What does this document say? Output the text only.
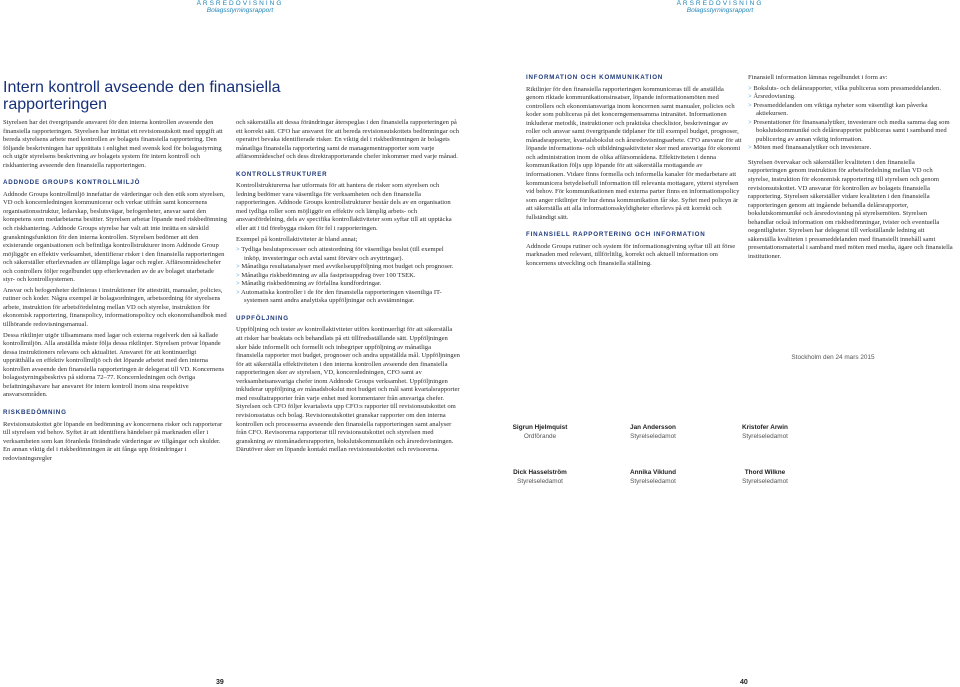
ÅRSREDOVISNING
Bolagsstyrningsrapport
Intern kontroll avseende den finansiella rapporteringen

Styrelsen har det övergripande ansvaret för den interna kontrollen avseende den finansiella rapporteringen. Styrelsen har inrättat ett revisionsutskott med uppgift att bereda styrelsens arbete med kontrollen av bolagets finansiella rapportering. Den följande beskrivningen har upprättats i enlighet med svensk kod för bolagsstyrning och utgör styrelsens beskrivning av bolagets system för intern kontroll och riskhantering avseende den finansiella rapporteringen.

ADDNODE GROUPS KONTROLLMILJÖ

Addnode Groups kontrollmiljö innefattar de värderingar och den etik som styrelsen, VD och koncernledningen kommunicerar och verkar utifrån samt koncernens organisationsstruktur, ledarskap, beslutsvägar, befogenheter, ansvar samt den kompetens som medarbetarna besitter. Styrelsen arbetar löpande med riskbedömning och riskhantering. Addnode Groups styrelse har valt att inte inrätta en särskild granskningsfunktion för den interna kontrollen. Styrelsen bedömer att den existerande organisationen och befintliga kontrollstrukturer inom Addnode Group möjliggör en effektiv verksamhet, identifierar risker i den finansiella rapporteringen och säkerställer efterlevnaden av tillämpliga lagar och regler. Affärsområdeschefer och controllers följer regelbundet upp efterlevnaden av de av bolaget utarbetade styr- och kontrollsystemen.

Ansvar och befogenheter definieras i instruktioner för attesträtt, manualer, policies, rutiner och koder. Några exempel är bolagsordningen, arbetsordning för styrelsens arbete, instruktion för arbetsfördelning mellan VD och styrelse, instruktion för ekonomisk rapportering, finanspolicy, informationspolicy och ekonomihandbok med tillhörande redovisningsmanual.

Dessa riktlinjer utgör tillsammans med lagar och externa regelverk den så kallade kontrollmiljön. Alla anställda måste följa dessa riktlinjer. Styrelsen prövar löpande dessa instruktioners relevans och aktualitet. Ansvaret för att kontinuerligt upprätthålla en effektiv kontrollmiljö och det löpande arbetet med den interna kontrollen avseende den finansiella rapporteringen är delegerat till VD. Koncernens bolagsstyrningsbeskrivs på sidorna 72–77. Koncernledningen och övriga befattningshavare har ansvaret för intern kontroll inom sina respektive ansvarsområden.

RISKBEDÖMNING

Revisionsutskottet gör löpande en bedömning av koncernens risker och rapporterar till styrelsen vid behov. Syftet är att identifiera händelser på marknaden eller i verksamheten som kan föranleda förändrade värderingar av tillgångar och skulder. En annan viktig del i riskbedömningen är att fånga upp förändringar i redovisningsregler

och säkerställa att dessa förändringar återspeglas i den finansiella rapporteringen på ett korrekt sätt. CFO har ansvaret för att bereda revisionsutskottets bedömningar och operativt bevaka identifierade risker. En viktig del i riskbedömningen är bolagets månatliga finansiella rapportering samt de managementrapporter som varje affärsområdeschef och dess direktrapporterande chefer inkommer med varje månad.

KONTROLLSTRUKTURER

Kontrollstrukturerna har utformats för att hantera de risker som styrelsen och ledning bedömer vara väsentliga för verksamheten och den finansiella rapporteringen. Addnode Groups kontrollstrukturer består dels av en organisation med tydliga roller som möjliggör en effektiv och lämplig arbets- och ansvarsfördelning, dels av specifika kontrollaktiviteter som syftar till att upptäcka eller att i tid förebygga risken för fel i rapporteringen.

Exempel på kontrollaktiviteter är bland annat;

> Tydliga beslutsprocesser och attestordning för väsentliga beslut (till exempel inköp, investeringar och avtal samt förvärv och avyttringar).
> Månatliga resultatanalyser med avvikelseuppföljning mot budget och prognoser.
> Månatliga riskbedömning av alla fastprisuppdrag över 100 TSEK.
> Månatlig riskbedömning av förfallna kundfordringar.
> Automatiska kontroller i de för den finansiella rapporteringen väsentliga IT-systemen samt andra analytiska uppföljningar och avstämningar.
UPPFÖLJNING

Uppföljning och tester av kontrollaktiviteter utförs kontinuerligt för att säkerställa att risker har beaktats och behandlats på ett tillfredsställande sätt. Uppföljningen sker både informellt och formellt och inbegriper uppföljning av månatliga finansiella rapporter mot budget, prognoser och andra uppställda mål. Uppföljningen för att säkerställa effektiviteten i den interna kontrollen avseende den finansiella rapporteringen sker av styrelsen, VD, koncernledningen, CFO samt av verksamhetsansvariga chefer inom Addnode Groups verksamhet. Uppföljningen inkluderar uppföljning av månadsbokslut mot budget och mål samt kvartalsrapporter med resultatrapporter från varje enhet med kommentarer från ansvariga chefer. Styrelsen och CFO följer kvartalsvis upp CFO:s rapporter till revisionsutskottet om revisionsstatus och bolag. Revisionsutskottet granskar rapporter om den interna kontrollen och processerna avseende den finansiella rapporteringen samt analyser från CFO. Revisorerna rapporterar till revisionsutskottet och styrelsen med granskning av niomånadersrapporten, bokslutskommunikén och årsredovisningen. Därutöver sker en löpande kontakt mellan revisionsutskottet och revisorerna.

39
ÅRSREDOVISNING
Bolagsstyrningsrapport
INFORMATION OCH KOMMUNIKATION

Riktlinjer för den finansiella rapporteringen kommuniceras till de anställda genom riktade kommunikationsinsatser, löpande informationsmöten med controllers och ekonomiansvariga inom koncernen samt manualer, policies och koder som publiceras på det koncerngemensamma intranätet. Informationen inkluderar metodik, instruktioner och praktiska checklistor, beskrivningar av roller och ansvar samt övergripande tidplaner för till exempel budget, prognoser, månadsrapporter, kvartalsbokslut och årsredovisningsarbete. CFO ansvarar för att löpande informations- och utbildningsaktiviteter sker med ansvariga för ekonomi och administration inom de olika affärsområdena. Effektiviteten i denna kommunikation följs upp löpande för att säkerställa mottagande av informationen. Vidare finns formella och informella kanaler för medarbetare att kommunicera betydelsefull information till relevanta mottagare, ytterst styrelsen vid behov. För kommunikationen med externa parter finns en informationspolicy som anger riktlinjer för hur denna kommunikation får ske. Syftet med policyn är att säkerställa att alla informationsskyldigheter efterlevs på ett korrekt och fullständigt sätt.

FINANSIELL RAPPORTERING OCH INFORMATION

Addnode Groups rutiner och system för informationsgivning syftar till att förse marknaden med relevant, tillförlitlig, korrekt och aktuell information om koncernens utveckling och finansiella ställning.

Finansiell information lämnas regelbundet i form av:

> Boksluts- och delårsrapporter, vilka publiceras som pressmeddelanden.
> Årsredovisning.
> Pressmeddelanden om viktiga nyheter som väsentligt kan påverka aktiekursen.
> Presentationer för finansanalytiker, investerare och media samma dag som bokslutskommuniké och delårsrapporter publiceras samt i samband med publicering av annan viktig information.
> Möten med finansanalytiker och investerare.

Styrelsen övervakar och säkerställer kvaliteten i den finansiella rapporteringen genom instruktion för arbetsfördelning mellan VD och styrelse, instruktion för ekonomisk rapportering till styrelsen och genom revisionsutskottet. VD ansvarar för kontrollen av bolagets finansiella rapportering. Styrelsen säkerställer vidare kvaliteten i den finansiella rapporteringen genom att ingående behandla delårsrapporter, bokslutskommuniké och årsredovisning på styrelsemöten. Styrelsen behandlar också information om riskbedömningar, tvister och eventuella oegentligheter. Styrelsen har delegerat till verkställande ledning att säkerställa kvaliteten i pressmeddelanden med finansiellt innehåll samt presentationsmaterial i samband med möten med media, ägare och finansiella institutioner.

Stockholm den 24 mars 2015
Sigrun Hjelmquist
Ordförande
Jan Andersson
Styrelseledamot
Kristofer Arwin
Styrelseledamot
Dick Hasselström
Styrelseledamot
Annika Viklund
Styrelseledamot
Thord Wilkne
Styrelseledamot
40
